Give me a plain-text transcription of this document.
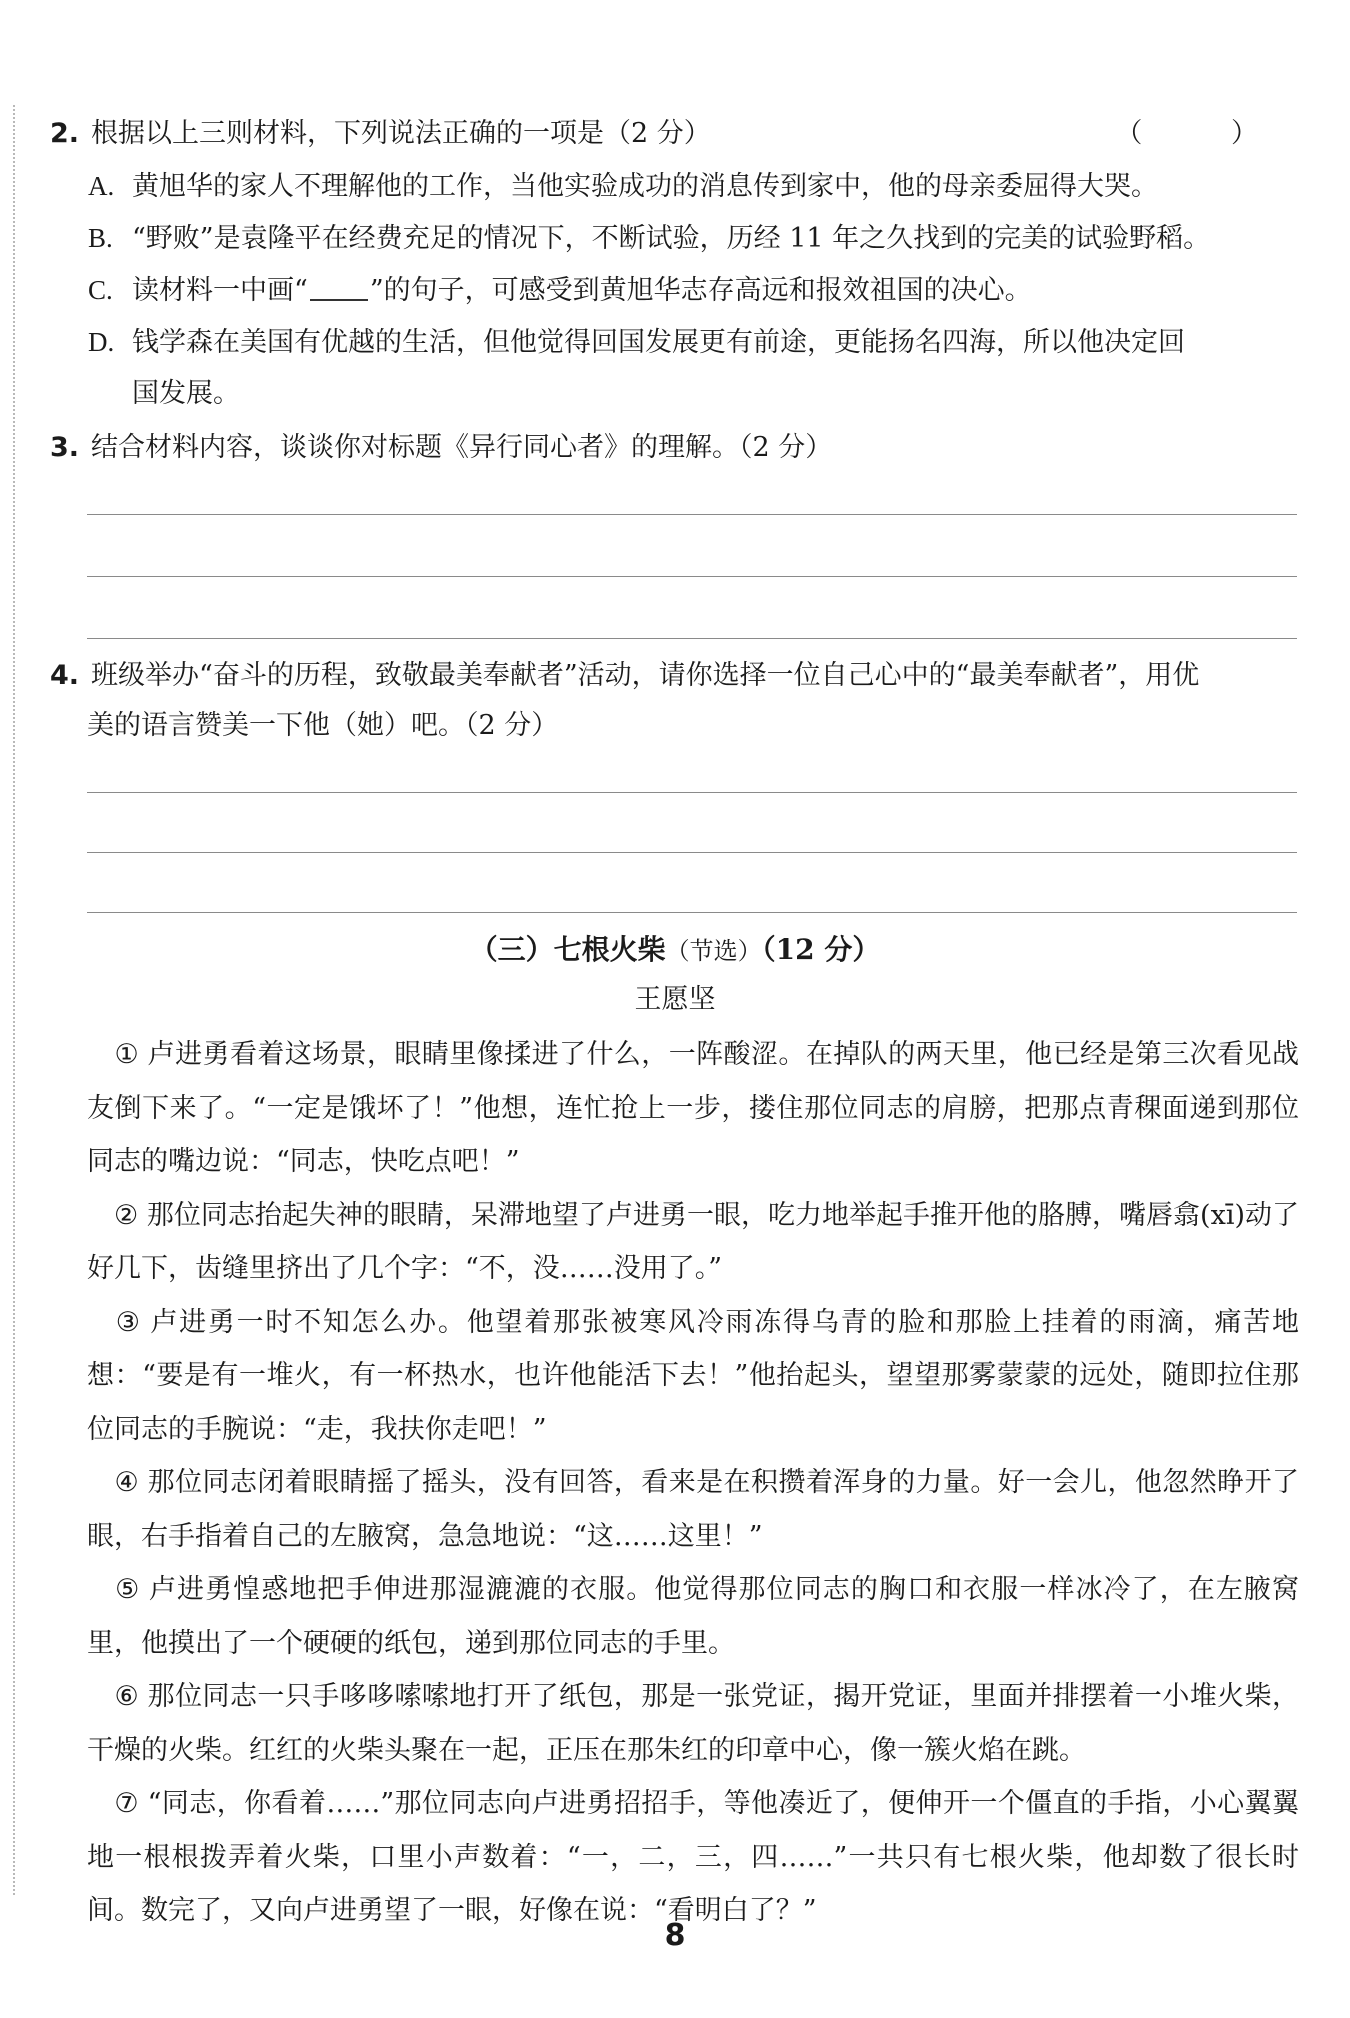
2. 根据以上三则材料，下列说法正确的一项是（2 分）	（ ）
A. 黄旭华的家人不理解他的工作，当他实验成功的消息传到家中，他的母亲委屈得大哭。
B. “野败”是袁隆平在经费充足的情况下，不断试验，历经 11 年之久找到的完美的试验野稻。
C. 读材料一中画“ ”的句子，可感受到黄旭华志存高远和报效祖国的决心。
D. 钱学森在美国有优越的生活，但他觉得回国发展更有前途，更能扬名四海，所以他决定回
国发展。
3. 结合材料内容，谈谈你对标题《异行同心者》的理解。（2 分）
4. 班级举办“奋斗的历程，致敬最美奉献者”活动，请你选择一位自己心中的“最美奉献者”，用优
美的语言赞美一下他（她）吧。（2 分）
（三）七根火柴（节选）（12 分）
王愿坚

　① 卢进勇看着这场景，眼睛里像揉进了什么，一阵酸涩。在掉队的两天里，他已经是第三次看见战友倒下来了。“一定是饿坏了！”他想，连忙抢上一步，搂住那位同志的肩膀，把那点青稞面递到那位同志的嘴边说：“同志，快吃点吧！”

　② 那位同志抬起失神的眼睛，呆滞地望了卢进勇一眼，吃力地举起手推开他的胳膊，嘴唇翕(xī)动了好几下，齿缝里挤出了几个字：“不，没……没用了。”

　③ 卢进勇一时不知怎么办。他望着那张被寒风冷雨冻得乌青的脸和那脸上挂着的雨滴，痛苦地想：“要是有一堆火，有一杯热水，也许他能活下去！”他抬起头，望望那雾蒙蒙的远处，随即拉住那位同志的手腕说：“走，我扶你走吧！”

　④ 那位同志闭着眼睛摇了摇头，没有回答，看来是在积攒着浑身的力量。好一会儿，他忽然睁开了眼，右手指着自己的左腋窝，急急地说：“这……这里！”

　⑤ 卢进勇惶惑地把手伸进那湿漉漉的衣服。他觉得那位同志的胸口和衣服一样冰冷了，在左腋窝里，他摸出了一个硬硬的纸包，递到那位同志的手里。

　⑥ 那位同志一只手哆哆嗦嗦地打开了纸包，那是一张党证，揭开党证，里面并排摆着一小堆火柴，干燥的火柴。红红的火柴头聚在一起，正压在那朱红的印章中心，像一簇火焰在跳。

　⑦ “同志，你看着……”那位同志向卢进勇招招手，等他凑近了，便伸开一个僵直的手指，小心翼翼地一根根拨弄着火柴，口里小声数着：“一，二，三，四……”一共只有七根火柴，他却数了很长时间。数完了，又向卢进勇望了一眼，好像在说：“看明白了？”

8
